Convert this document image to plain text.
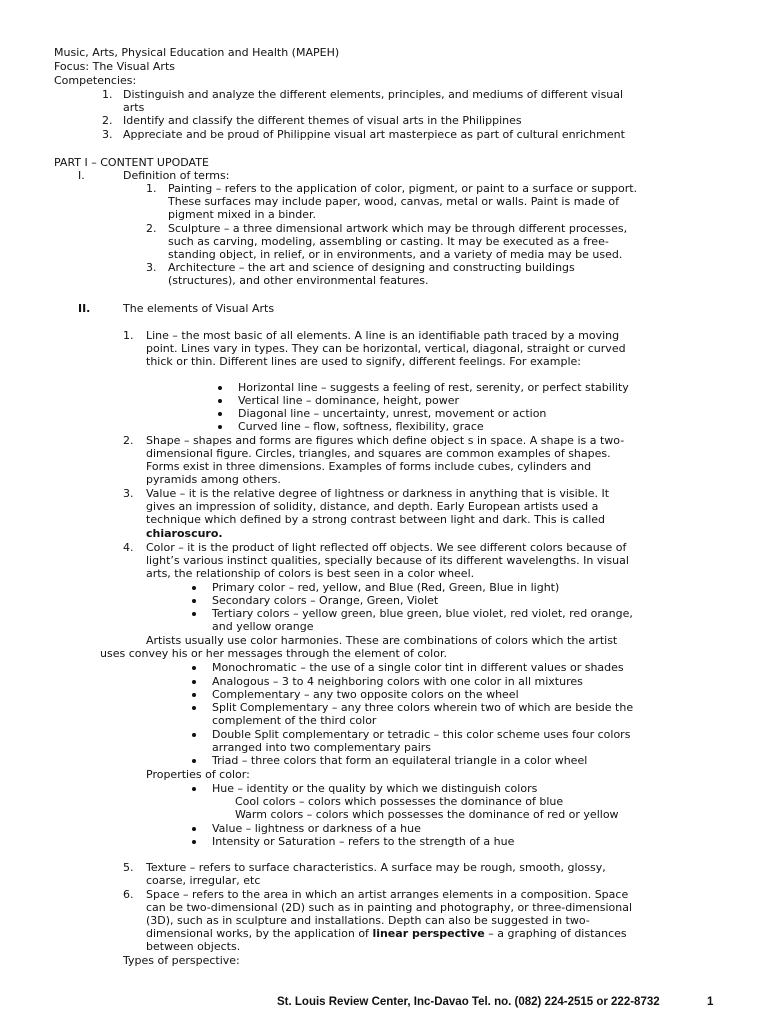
Music, Arts, Physical Education and Health (MAPEH)
Focus: The Visual Arts
Competencies:
1. Distinguish and analyze the different elements, principles, and mediums of different visual
arts
2. Identify and classify the different themes of visual arts in the Philippines
3. Appreciate and be proud of Philippine visual art masterpiece as part of cultural enrichment
PART I – CONTENT UPODATE
I.	Definition of terms:
1. Painting – refers to the application of color, pigment, or paint to a surface or support.
These surfaces may include paper, wood, canvas, metal or walls. Paint is made of
pigment mixed in a binder.
2. Sculpture – a three dimensional artwork which may be through different processes,
such as carving, modeling, assembling or casting. It may be executed as a free-
standing object, in relief, or in environments, and a variety of media may be used.
3. Architecture – the art and science of designing and constructing buildings
(structures), and other environmental features.
II.	The elements of Visual Arts
1. Line – the most basic of all elements. A line is an identifiable path traced by a moving
point. Lines vary in types. They can be horizontal, vertical, diagonal, straight or curved
thick or thin. Different lines are used to signify, different feelings. For example:
Horizontal line – suggests a feeling of rest, serenity, or perfect stability
Vertical line – dominance, height, power
Diagonal line – uncertainty, unrest, movement or action
Curved line – flow, softness, flexibility, grace
2. Shape – shapes and forms are figures which define object s in space. A shape is a two-
dimensional figure. Circles, triangles, and squares are common examples of shapes.
Forms exist in three dimensions. Examples of forms include cubes, cylinders and
pyramids among others.
3. Value – it is the relative degree of lightness or darkness in anything that is visible. It
gives an impression of solidity, distance, and depth. Early European artists used a
technique which defined by a strong contrast between light and dark. This is called
chiaroscuro.
4. Color – it is the product of light reflected off objects. We see different colors because of
light’s various instinct qualities, specially because of its different wavelengths. In visual
arts, the relationship of colors is best seen in a color wheel.
Primary color – red, yellow, and Blue (Red, Green, Blue in light)
Secondary colors – Orange, Green, Violet
Tertiary colors – yellow green, blue green, blue violet, red violet, red orange,
and yellow orange
Artists usually use color harmonies. These are combinations of colors which the artist
uses convey his or her messages through the element of color.
Monochromatic – the use of a single color tint in different values or shades
Analogous – 3 to 4 neighboring colors with one color in all mixtures
Complementary – any two opposite colors on the wheel
Split Complementary – any three colors wherein two of which are beside the
complement of the third color
Double Split complementary or tetradic – this color scheme uses four colors
arranged into two complementary pairs
Triad – three colors that form an equilateral triangle in a color wheel
Properties of color:
Hue – identity or the quality by which we distinguish colors
Cool colors – colors which possesses the dominance of blue
Warm colors – colors which possesses the dominance of red or yellow
Value – lightness or darkness of a hue
Intensity or Saturation – refers to the strength of a hue
5. Texture – refers to surface characteristics. A surface may be rough, smooth, glossy,
coarse, irregular, etc
6. Space – refers to the area in which an artist arranges elements in a composition. Space
can be two-dimensional (2D) such as in painting and photography, or three-dimensional
(3D), such as in sculpture and installations. Depth can also be suggested in two-
dimensional works, by the application of linear perspective – a graphing of distances
between objects.
Types of perspective:
St. Louis Review Center, Inc-Davao Tel. no. (082) 224-2515 or 222-8732	1
